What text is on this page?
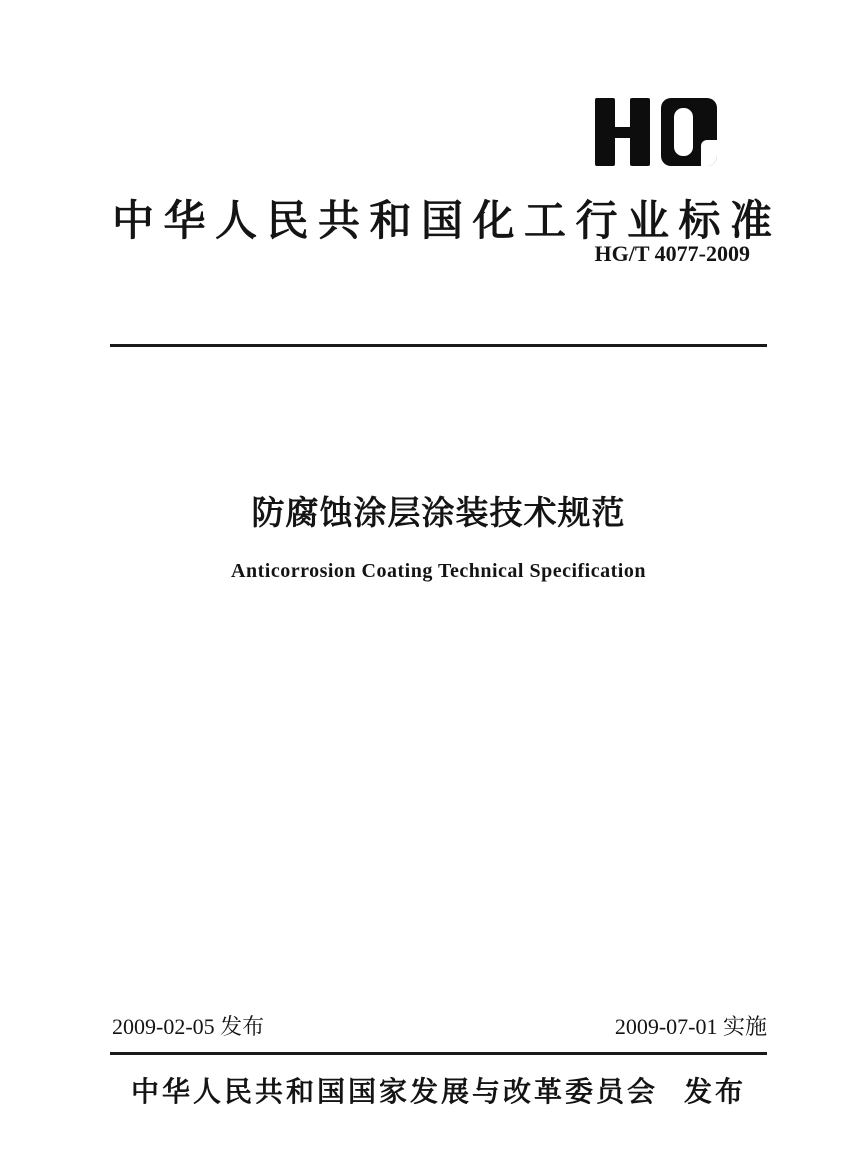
中华人民共和国化工行业标准
HG/T 4077-2009
防腐蚀涂层涂装技术规范
Anticorrosion Coating Technical Specification
2009-02-05 发布	2009-07-01 实施
中华人民共和国国家发展与改革委员会 发布
